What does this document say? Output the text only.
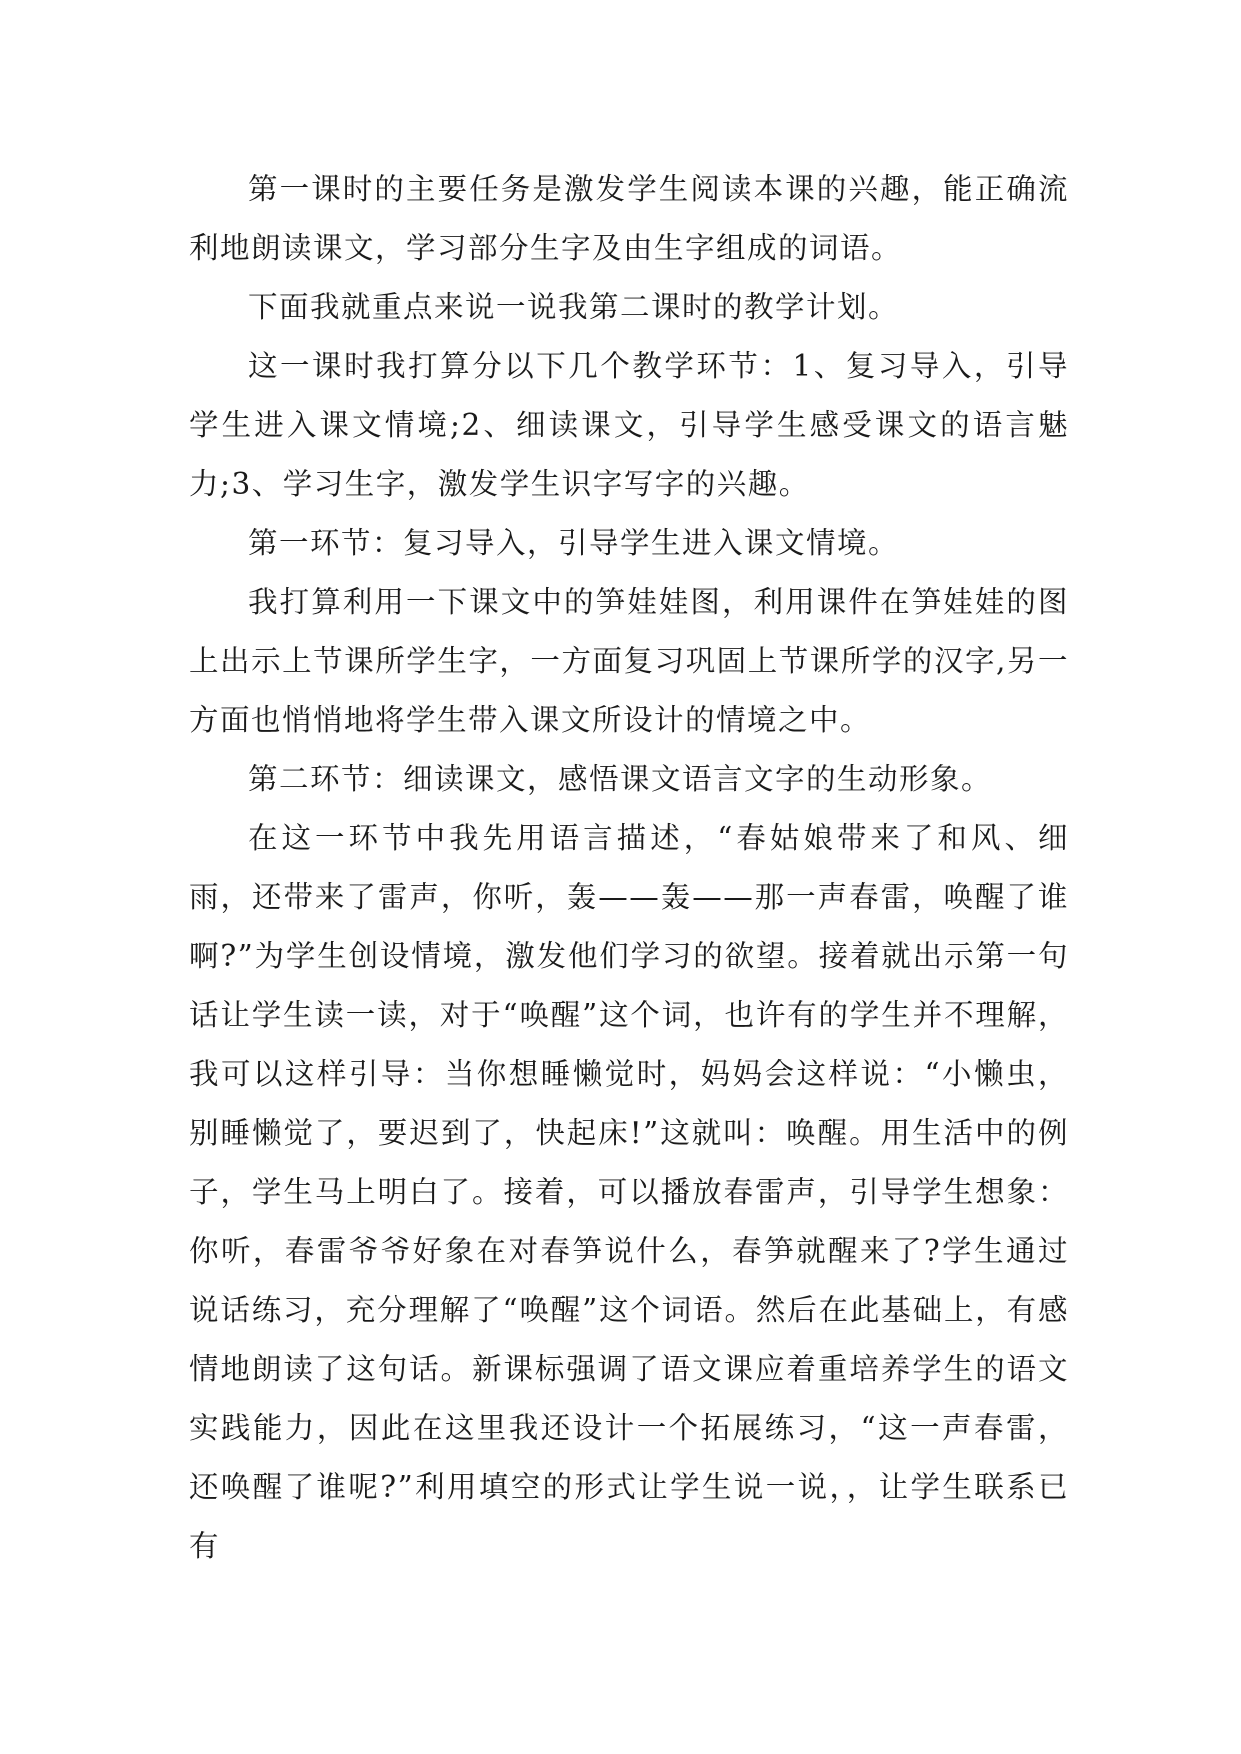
第一课时的主要任务是激发学生阅读本课的兴趣，能正确流利地朗读课文，学习部分生字及由生字组成的词语。

下面我就重点来说一说我第二课时的教学计划。

这一课时我打算分以下几个教学环节：1、复习导入，引导学生进入课文情境;2、细读课文，引导学生感受课文的语言魅力;3、学习生字，激发学生识字写字的兴趣。

第一环节：复习导入，引导学生进入课文情境。

我打算利用一下课文中的笋娃娃图，利用课件在笋娃娃的图上出示上节课所学生字，一方面复习巩固上节课所学的汉字,另一方面也悄悄地将学生带入课文所设计的情境之中。

第二环节：细读课文，感悟课文语言文字的生动形象。

在这一环节中我先用语言描述，“春姑娘带来了和风、细雨，还带来了雷声，你听，轰——轰——那一声春雷，唤醒了谁啊?”为学生创设情境，激发他们学习的欲望。接着就出示第一句话让学生读一读，对于“唤醒”这个词，也许有的学生并不理解，我可以这样引导：当你想睡懒觉时，妈妈会这样说：“小懒虫，别睡懒觉了，要迟到了，快起床!”这就叫：唤醒。用生活中的例子，学生马上明白了。接着，可以播放春雷声，引导学生想象：你听，春雷爷爷好象在对春笋说什么，春笋就醒来了?学生通过说话练习，充分理解了“唤醒”这个词语。然后在此基础上，有感情地朗读了这句话。新课标强调了语文课应着重培养学生的语文实践能力，因此在这里我还设计一个拓展练习，“这一声春雷，还唤醒了谁呢?”利用填空的形式让学生说一说，，让学生联系已有
